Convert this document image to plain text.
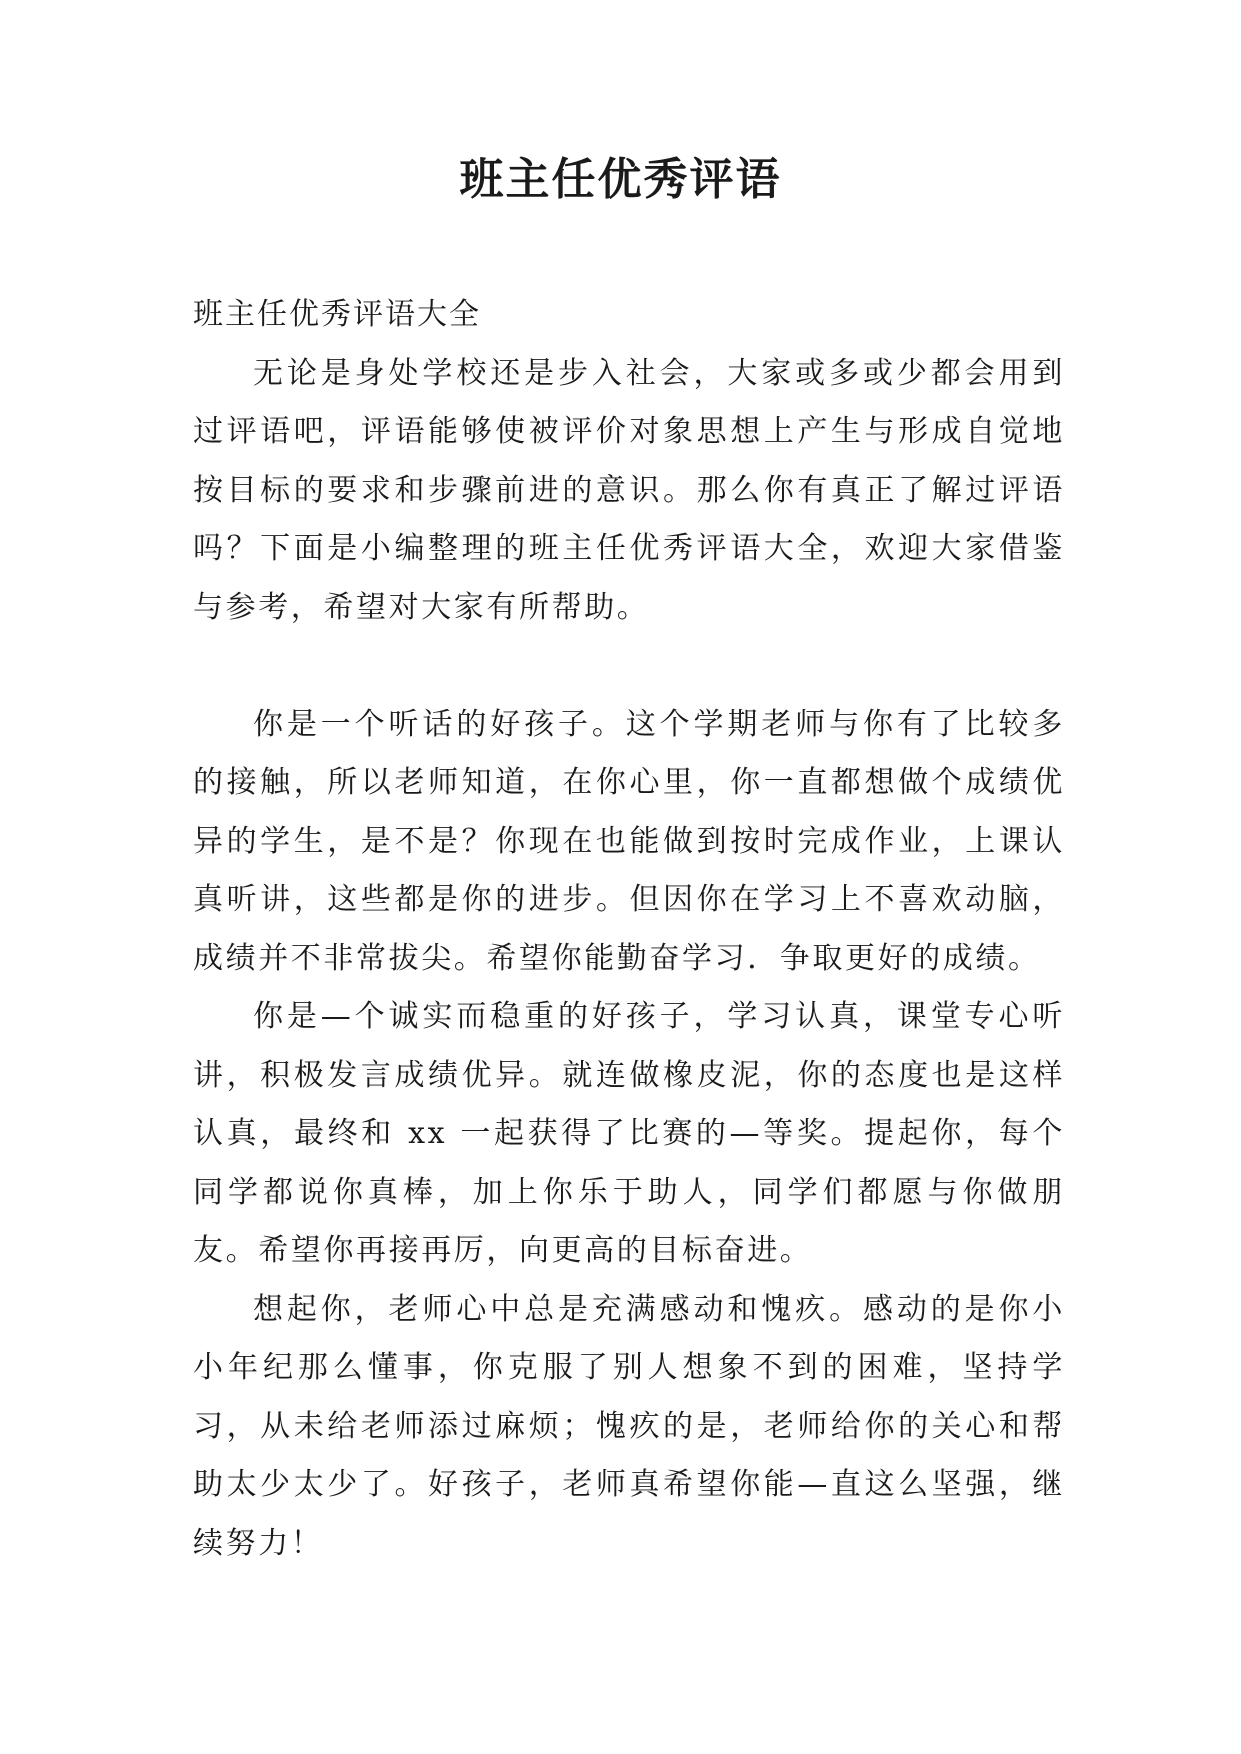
班主任优秀评语

班主任优秀评语大全

无论是身处学校还是步入社会，大家或多或少都会用到过评语吧，评语能够使被评价对象思想上产生与形成自觉地按目标的要求和步骤前进的意识。那么你有真正了解过评语吗？下面是小编整理的班主任优秀评语大全，欢迎大家借鉴与参考，希望对大家有所帮助。

你是一个听话的好孩子。这个学期老师与你有了比较多的接触，所以老师知道，在你心里，你一直都想做个成绩优异的学生，是不是？你现在也能做到按时完成作业，上课认真听讲，这些都是你的进步。但因你在学习上不喜欢动脑，成绩并不非常拔尖。希望你能勤奋学习．争取更好的成绩。

你是—个诚实而稳重的好孩子，学习认真，课堂专心听讲，积极发言成绩优异。就连做橡皮泥，你的态度也是这样认真，最终和 xx 一起获得了比赛的—等奖。提起你，每个同学都说你真棒，加上你乐于助人，同学们都愿与你做朋友。希望你再接再厉，向更高的目标奋进。

想起你，老师心中总是充满感动和愧疚。感动的是你小小年纪那么懂事，你克服了别人想象不到的困难，坚持学习，从未给老师添过麻烦；愧疚的是，老师给你的关心和帮助太少太少了。好孩子，老师真希望你能—直这么坚强，继续努力！
